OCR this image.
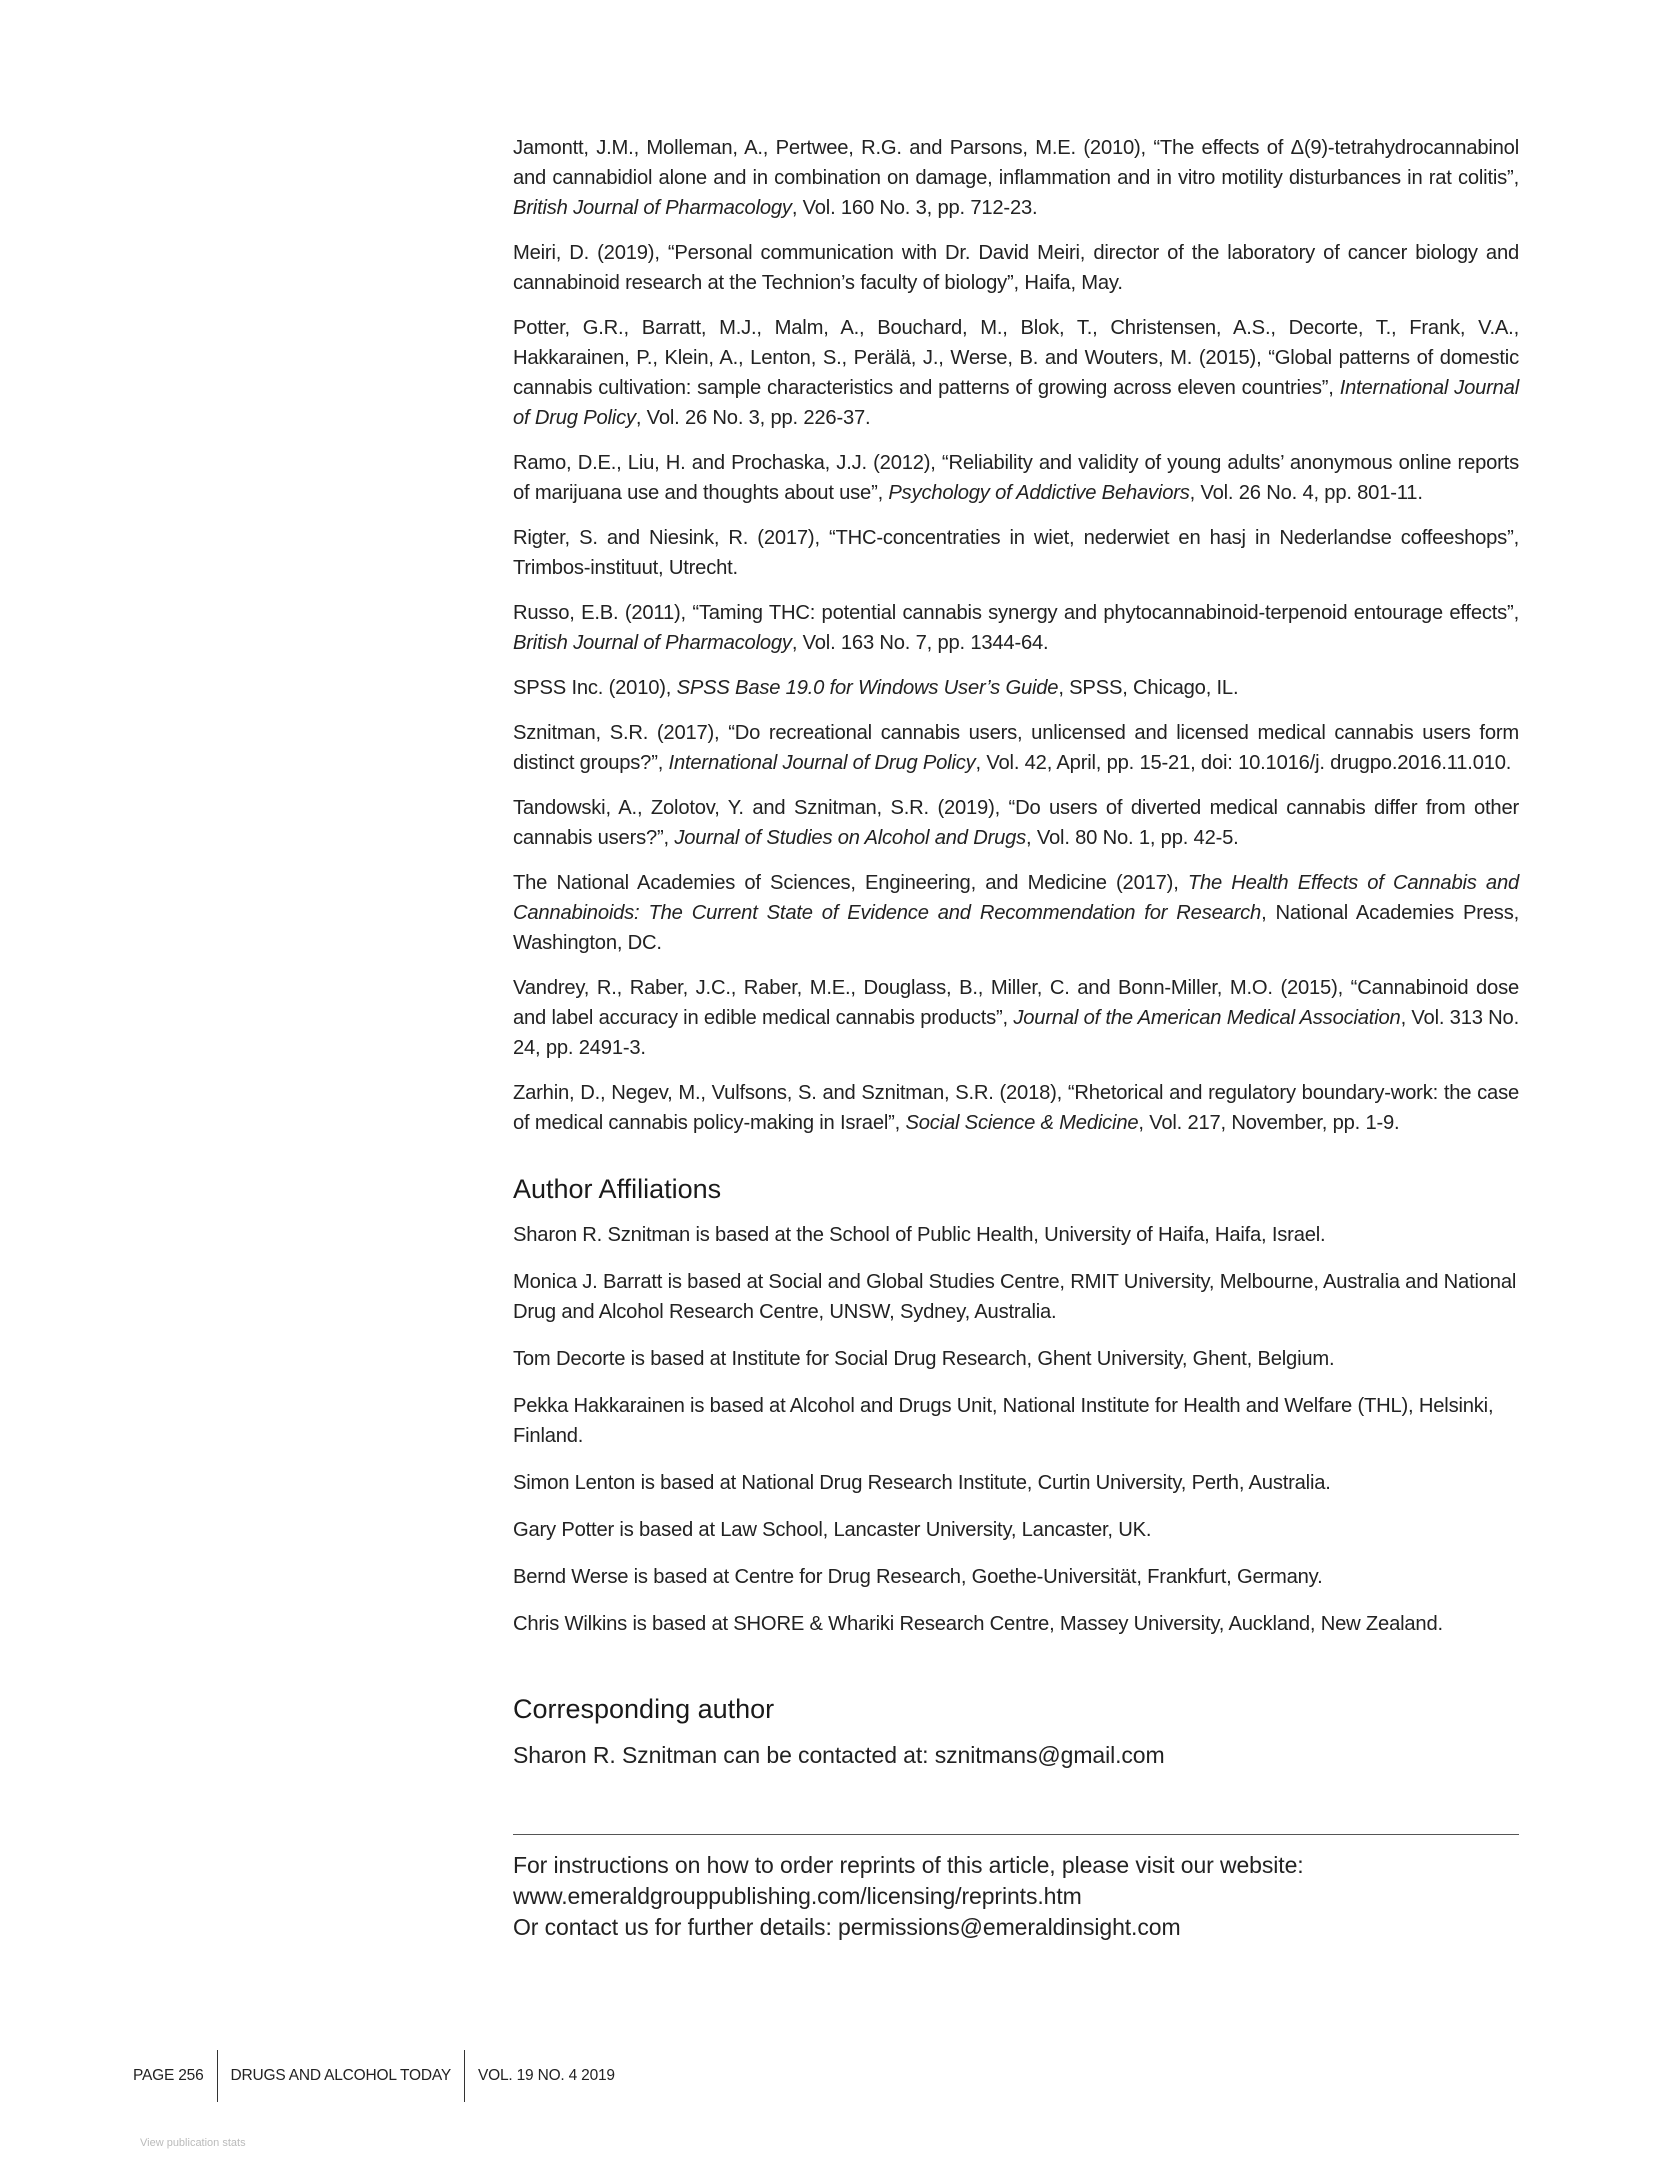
Jamontt, J.M., Molleman, A., Pertwee, R.G. and Parsons, M.E. (2010), “The effects of Δ(9)-tetrahydrocannabinol and cannabidiol alone and in combination on damage, inflammation and in vitro motility disturbances in rat colitis”, British Journal of Pharmacology, Vol. 160 No. 3, pp. 712-23.
Meiri, D. (2019), “Personal communication with Dr. David Meiri, director of the laboratory of cancer biology and cannabinoid research at the Technion’s faculty of biology”, Haifa, May.
Potter, G.R., Barratt, M.J., Malm, A., Bouchard, M., Blok, T., Christensen, A.S., Decorte, T., Frank, V.A., Hakkarainen, P., Klein, A., Lenton, S., Perälä, J., Werse, B. and Wouters, M. (2015), “Global patterns of domestic cannabis cultivation: sample characteristics and patterns of growing across eleven countries”, International Journal of Drug Policy, Vol. 26 No. 3, pp. 226-37.
Ramo, D.E., Liu, H. and Prochaska, J.J. (2012), “Reliability and validity of young adults’ anonymous online reports of marijuana use and thoughts about use”, Psychology of Addictive Behaviors, Vol. 26 No. 4, pp. 801-11.
Rigter, S. and Niesink, R. (2017), “THC-concentraties in wiet, nederwiet en hasj in Nederlandse coffeeshops”, Trimbos-instituut, Utrecht.
Russo, E.B. (2011), “Taming THC: potential cannabis synergy and phytocannabinoid-terpenoid entourage effects”, British Journal of Pharmacology, Vol. 163 No. 7, pp. 1344-64.
SPSS Inc. (2010), SPSS Base 19.0 for Windows User’s Guide, SPSS, Chicago, IL.
Sznitman, S.R. (2017), “Do recreational cannabis users, unlicensed and licensed medical cannabis users form distinct groups?”, International Journal of Drug Policy, Vol. 42, April, pp. 15-21, doi: 10.1016/j. drugpo.2016.11.010.
Tandowski, A., Zolotov, Y. and Sznitman, S.R. (2019), “Do users of diverted medical cannabis differ from other cannabis users?”, Journal of Studies on Alcohol and Drugs, Vol. 80 No. 1, pp. 42-5.
The National Academies of Sciences, Engineering, and Medicine (2017), The Health Effects of Cannabis and Cannabinoids: The Current State of Evidence and Recommendation for Research, National Academies Press, Washington, DC.
Vandrey, R., Raber, J.C., Raber, M.E., Douglass, B., Miller, C. and Bonn-Miller, M.O. (2015), “Cannabinoid dose and label accuracy in edible medical cannabis products”, Journal of the American Medical Association, Vol. 313 No. 24, pp. 2491-3.
Zarhin, D., Negev, M., Vulfsons, S. and Sznitman, S.R. (2018), “Rhetorical and regulatory boundary-work: the case of medical cannabis policy-making in Israel”, Social Science & Medicine, Vol. 217, November, pp. 1-9.
Author Affiliations
Sharon R. Sznitman is based at the School of Public Health, University of Haifa, Haifa, Israel.
Monica J. Barratt is based at Social and Global Studies Centre, RMIT University, Melbourne, Australia and National Drug and Alcohol Research Centre, UNSW, Sydney, Australia.
Tom Decorte is based at Institute for Social Drug Research, Ghent University, Ghent, Belgium.
Pekka Hakkarainen is based at Alcohol and Drugs Unit, National Institute for Health and Welfare (THL), Helsinki, Finland.
Simon Lenton is based at National Drug Research Institute, Curtin University, Perth, Australia.
Gary Potter is based at Law School, Lancaster University, Lancaster, UK.
Bernd Werse is based at Centre for Drug Research, Goethe-Universität, Frankfurt, Germany.
Chris Wilkins is based at SHORE & Whariki Research Centre, Massey University, Auckland, New Zealand.
Corresponding author
Sharon R. Sznitman can be contacted at: sznitmans@gmail.com
For instructions on how to order reprints of this article, please visit our website:
www.emeraldgrouppublishing.com/licensing/reprints.htm
Or contact us for further details: permissions@emeraldinsight.com
PAGE 256	DRUGS AND ALCOHOL TODAY	VOL. 19 NO. 4 2019
View publication stats
